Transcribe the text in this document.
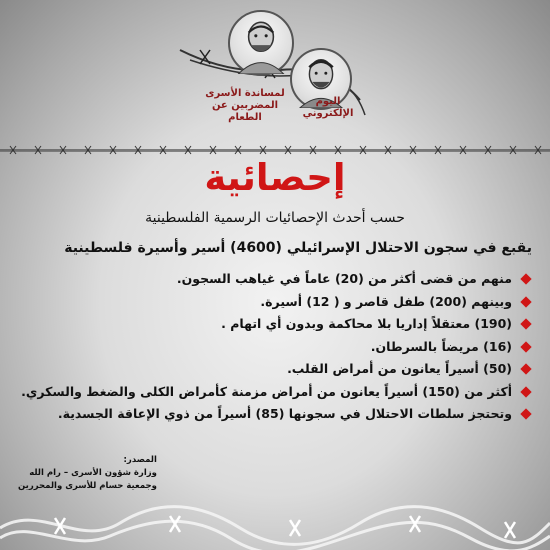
لمساندة الأسرى المضربين عن الطعام
اليوم الإلكتروني
إحصائية
حسب أحدث الإحصائيات الرسمية الفلسطينية
يقبع في سجون الاحتلال الإسرائيلي (4600) أسير وأسيرة فلسطينية
منهم من قضى أكثر من (20) عاماً في غياهب السجون.
وبينهم (200) طفل قاصر و ( 12) أسيرة.
(190) معتقلاً إداريا بلا محاكمة وبدون أي اتهام .
(16) مريضاً بالسرطان.
(50) أسيراً يعانون من أمراض القلب.
أكثر من (150) أسيراً يعانون من أمراض مزمنة كأمراض الكلى والضغط والسكري.
وتحتجز سلطات الاحتلال في سجونها (85) أسيراً من ذوي الإعاقة الجسدية.
المصدر:
وزارة شؤون الأسرى – رام الله
وجمعية حسام للأسرى والمحررين
